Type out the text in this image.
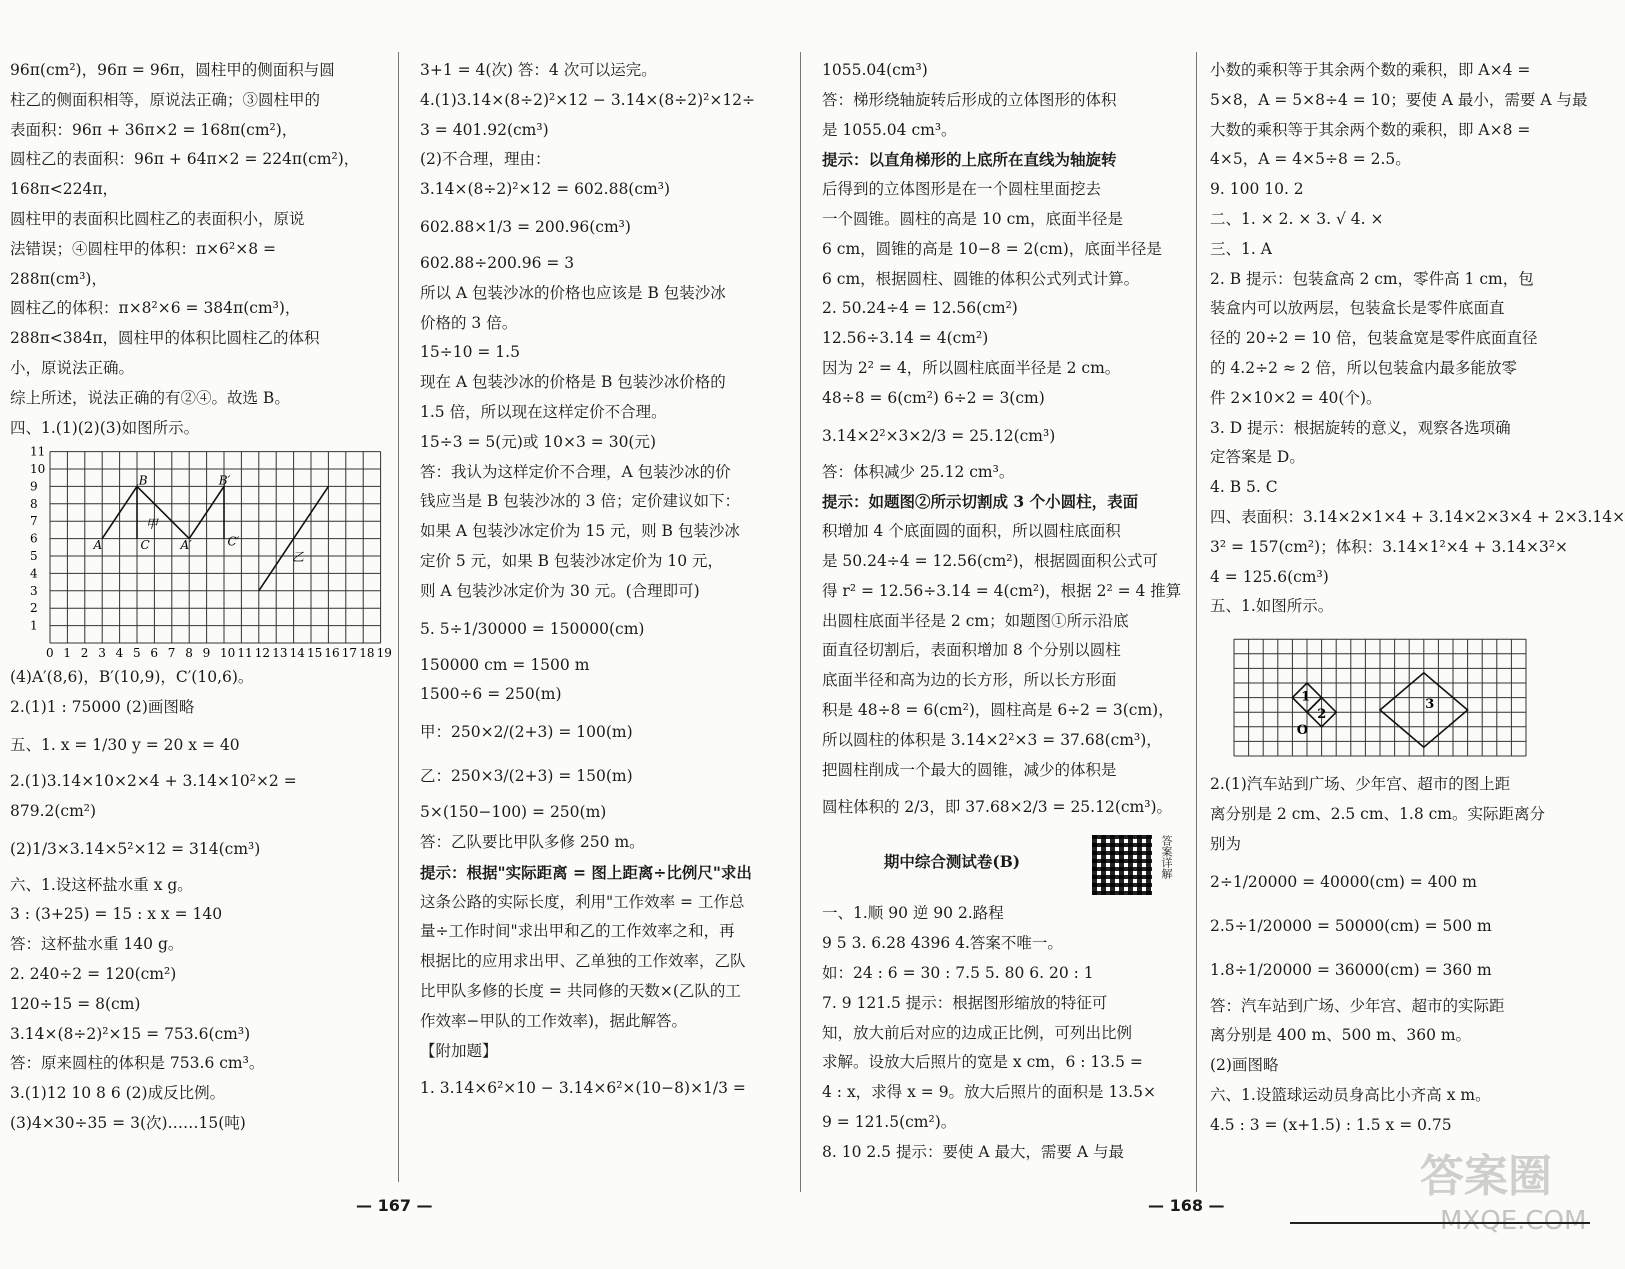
96π(cm²)，96π = 96π，圆柱甲的侧面积与圆
柱乙的侧面积相等，原说法正确；③圆柱甲的
表面积：96π + 36π×2 = 168π(cm²)，
圆柱乙的表面积：96π + 64π×2 = 224π(cm²)，
168π<224π，
圆柱甲的表面积比圆柱乙的表面积小，原说
法错误；④圆柱甲的体积：π×6²×8 =
288π(cm³)，
圆柱乙的体积：π×8²×6 = 384π(cm³)，
288π<384π，圆柱甲的体积比圆柱乙的体积
小，原说法正确。
综上所述，说法正确的有②④。故选 B。
四、1.(1)(2)(3)如图所示。
0 1 2 3 4 5 6 7 8 9 10 11 12 13 14 15 16 17 18 19
1
2
3
4
5
6
7
8
9
10
11
A
B
C	A′
B′
C′
甲
乙
(4)A′(8,6)，B′(10,9)，C′(10,6)。
2.(1)1 : 75000 (2)画图略
五、1. x = 1/30 y = 20 x = 40
2.(1)3.14×10×2×4 + 3.14×10²×2 =
879.2(cm²)
(2)1/3×3.14×5²×12 = 314(cm³)
六、1.设这杯盐水重 x g。
3 : (3+25) = 15 : x x = 140
答：这杯盐水重 140 g。
2. 240÷2 = 120(cm²)
120÷15 = 8(cm)
3.14×(8÷2)²×15 = 753.6(cm³)
答：原来圆柱的体积是 753.6 cm³。
3.(1)12 10 8 6 (2)成反比例。
(3)4×30÷35 = 3(次)……15(吨)
3+1 = 4(次) 答：4 次可以运完。
4.(1)3.14×(8÷2)²×12 − 3.14×(8÷2)²×12÷
3 = 401.92(cm³)
(2)不合理，理由：
3.14×(8÷2)²×12 = 602.88(cm³)
602.88×1/3 = 200.96(cm³)
602.88÷200.96 = 3
所以 A 包装沙冰的价格也应该是 B 包装沙冰
价格的 3 倍。
15÷10 = 1.5
现在 A 包装沙冰的价格是 B 包装沙冰价格的
1.5 倍，所以现在这样定价不合理。
15÷3 = 5(元)或 10×3 = 30(元)
答：我认为这样定价不合理，A 包装沙冰的价
钱应当是 B 包装沙冰的 3 倍；定价建议如下：
如果 A 包装沙冰定价为 15 元，则 B 包装沙冰
定价 5 元，如果 B 包装沙冰定价为 10 元，
则 A 包装沙冰定价为 30 元。(合理即可)
5. 5÷1/30000 = 150000(cm)
150000 cm = 1500 m
1500÷6 = 250(m)
甲：250×2/(2+3) = 100(m)
乙：250×3/(2+3) = 150(m)
5×(150−100) = 250(m)
答：乙队要比甲队多修 250 m。
提示：根据"实际距离 = 图上距离÷比例尺"求出
这条公路的实际长度，利用"工作效率 = 工作总
量÷工作时间"求出甲和乙的工作效率之和，再
根据比的应用求出甲、乙单独的工作效率，乙队
比甲队多修的长度 = 共同修的天数×(乙队的工
作效率−甲队的工作效率)，据此解答。
【附加题】
1. 3.14×6²×10 − 3.14×6²×(10−8)×1/3 =
1055.04(cm³)
答：梯形绕轴旋转后形成的立体图形的体积
是 1055.04 cm³。
提示：以直角梯形的上底所在直线为轴旋转
后得到的立体图形是在一个圆柱里面挖去
一个圆锥。圆柱的高是 10 cm，底面半径是
6 cm，圆锥的高是 10−8 = 2(cm)，底面半径是
6 cm，根据圆柱、圆锥的体积公式列式计算。
2. 50.24÷4 = 12.56(cm²)
12.56÷3.14 = 4(cm²)
因为 2² = 4，所以圆柱底面半径是 2 cm。
48÷8 = 6(cm²) 6÷2 = 3(cm)
3.14×2²×3×2/3 = 25.12(cm³)
答：体积减少 25.12 cm³。
提示：如题图②所示切割成 3 个小圆柱，表面
积增加 4 个底面圆的面积，所以圆柱底面积
是 50.24÷4 = 12.56(cm²)，根据圆面积公式可
得 r² = 12.56÷3.14 = 4(cm²)，根据 2² = 4 推算
出圆柱底面半径是 2 cm；如题图①所示沿底
面直径切割后，表面积增加 8 个分别以圆柱
底面半径和高为边的长方形，所以长方形面
积是 48÷8 = 6(cm²)，圆柱高是 6÷2 = 3(cm)，
所以圆柱的体积是 3.14×2²×3 = 37.68(cm³)，
把圆柱削成一个最大的圆锥，减少的体积是
圆柱体积的 2/3，即 37.68×2/3 = 25.12(cm³)。
期中综合测试卷(B)	答案详解
一、1.顺 90 逆 90 2.路程
9 5 3. 6.28 4396 4.答案不唯一。
如：24 : 6 = 30 : 7.5 5. 80 6. 20 : 1
7. 9 121.5 提示：根据图形缩放的特征可
知，放大前后对应的边成正比例，可列出比例
求解。设放大后照片的宽是 x cm，6 : 13.5 =
4 : x，求得 x = 9。放大后照片的面积是 13.5×
9 = 121.5(cm²)。
8. 10 2.5 提示：要使 A 最大，需要 A 与最
小数的乘积等于其余两个数的乘积，即 A×4 =
5×8，A = 5×8÷4 = 10；要使 A 最小，需要 A 与最
大数的乘积等于其余两个数的乘积，即 A×8 =
4×5，A = 4×5÷8 = 2.5。
9. 100 10. 2
二、1. × 2. × 3. √ 4. ×
三、1. A
2. B 提示：包装盒高 2 cm，零件高 1 cm，包
装盒内可以放两层，包装盒长是零件底面直
径的 20÷2 = 10 倍，包装盒宽是零件底面直径
的 4.2÷2 ≈ 2 倍，所以包装盒内最多能放零
件 2×10×2 = 40(个)。
3. D 提示：根据旋转的意义，观察各选项确
定答案是 D。
4. B 5. C
四、表面积：3.14×2×1×4 + 3.14×2×3×4 + 2×3.14×
3² = 157(cm²)；体积：3.14×1²×4 + 3.14×3²×
4 = 125.6(cm³)
五、1.如图所示。
1
2
3
O
2.(1)汽车站到广场、少年宫、超市的图上距
离分别是 2 cm、2.5 cm、1.8 cm。实际距离分
别为
2÷1/20000 = 40000(cm) = 400 m
2.5÷1/20000 = 50000(cm) = 500 m
1.8÷1/20000 = 36000(cm) = 360 m
答：汽车站到广场、少年宫、超市的实际距
离分别是 400 m、500 m、360 m。
(2)画图略
六、1.设篮球运动员身高比小齐高 x m。
4.5 : 3 = (x+1.5) : 1.5 x = 0.75
— 167 —	— 168 —
答案圈
MXQE.COM
